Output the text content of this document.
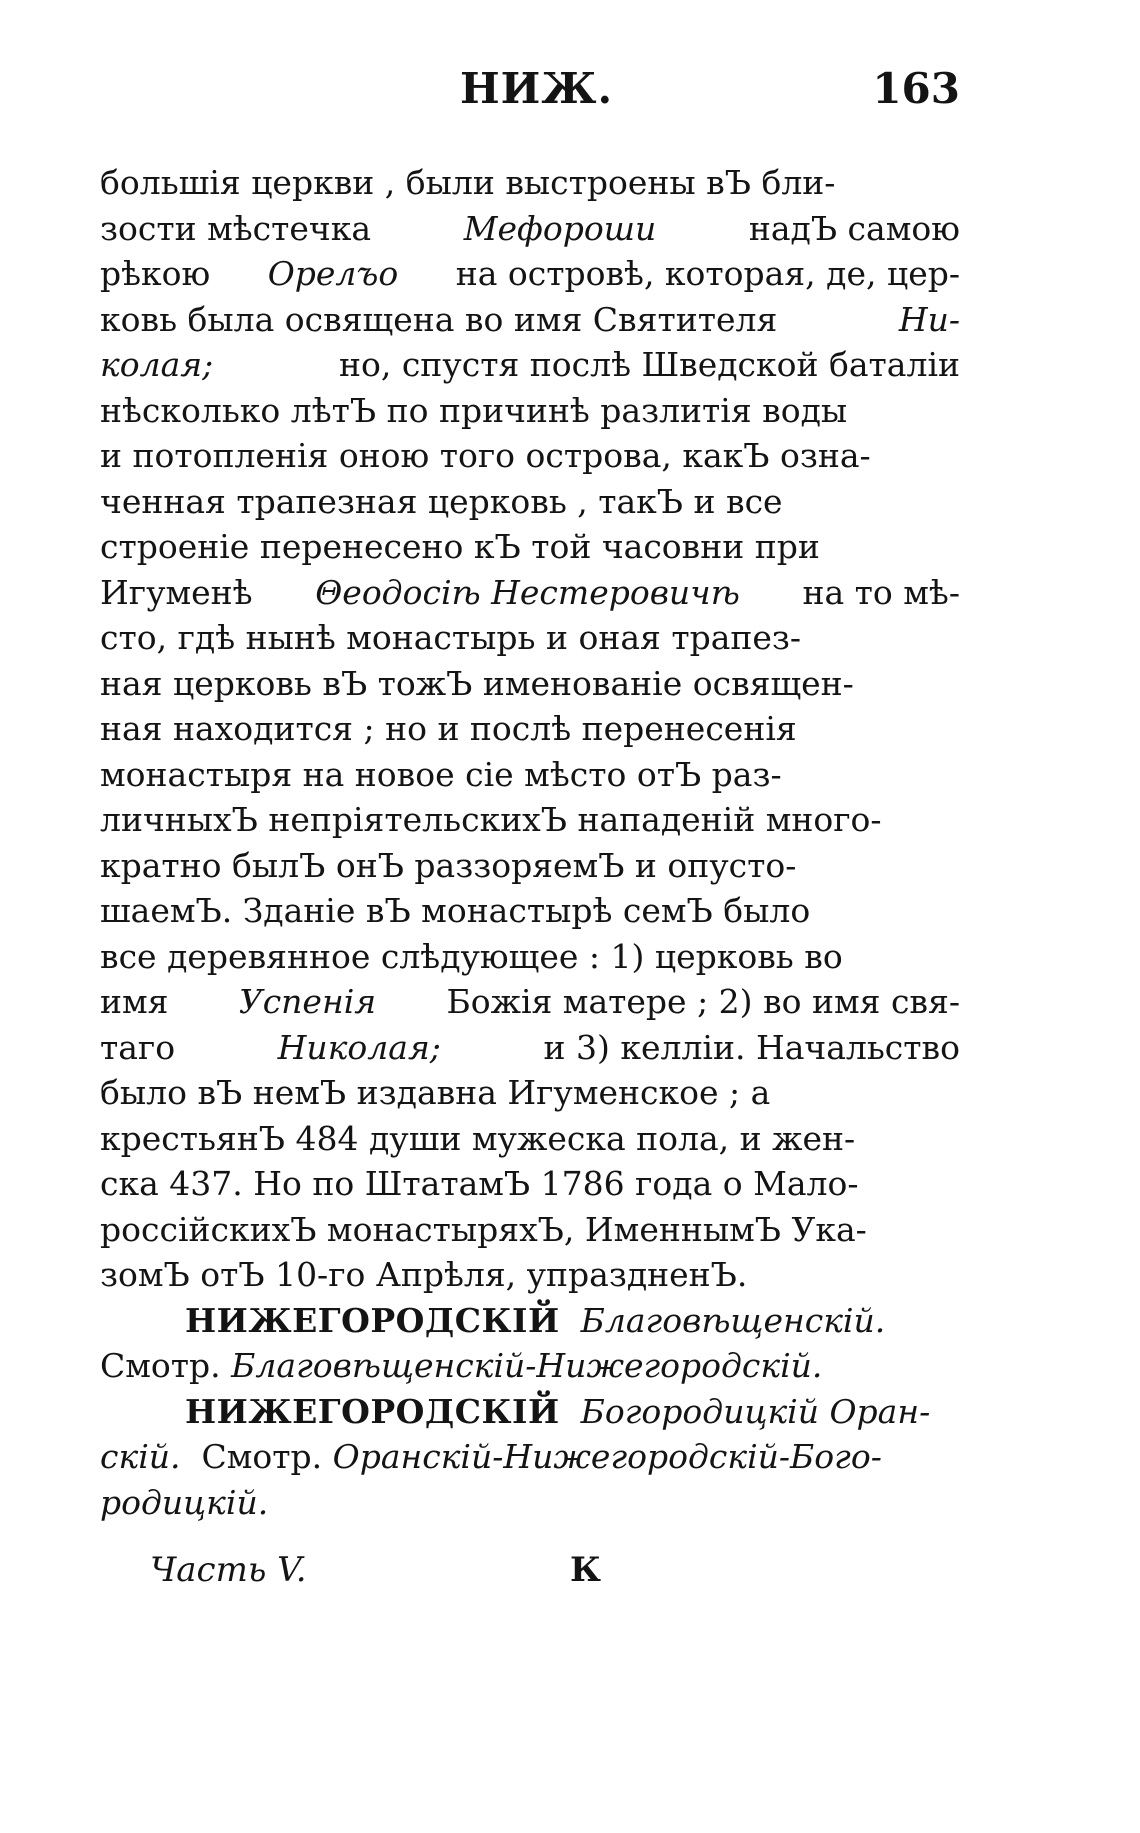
НИЖ.	163
большія церкви , были выстроены вЪ бли-
зости мѣстечка	Мефороши	надЪ самою
рѣкою Орелъо на островѣ, которая, де, цер-
ковь была освящена во имя Святителя	Ни-
колая;	но, спустя послѣ Шведской баталіи
нѣсколько лѣтЪ по причинѣ разлитія воды
и потопленія оною того острова, какЪ озна-
ченная трапезная церковь , такЪ и все
строеніе перенесено кЪ той часовни при
Игуменѣ Θеодосіѣ Нестеровичѣ на то мѣ-
сто, гдѣ нынѣ монастырь и оная трапез-
ная церковь вЪ тожЪ именованіе освящен-
ная находится ; но и послѣ перенесенія
монастыря на новое сіе мѣсто отЪ раз-
личныхЪ непріятельскихЪ нападеній много-
кратно былЪ онЪ раззоряемЪ и опусто-
шаемЪ. Зданіе вЪ монастырѣ семЪ было
все деревянное слѣдующее : 1) церковь во
имя Успенія Божія матере ; 2) во имя свя-
таго	Николая;	и 3) келліи. Начальство
было вЪ немЪ издавна Игуменское ; а
крестьянЪ 484 души мужеска пола, и жен-
ска 437. Но по ШтатамЪ 1786 года о Мало-
россійскихЪ монастыряхЪ, ИменнымЪ Ука-
зомЪ отЪ 10-го Апрѣля, упраздненЪ.
НИЖЕГОРОДСКІЙ
Благовѣщенскій.
Смотр.
Благовѣщенскій-Нижегородскій.
НИЖЕГОРОДСКІЙ
Богородицкій Оран-
скій.
Смотр.
Оранскій-Нижегородскій-Бого-
родицкій.
Часть V.	К
